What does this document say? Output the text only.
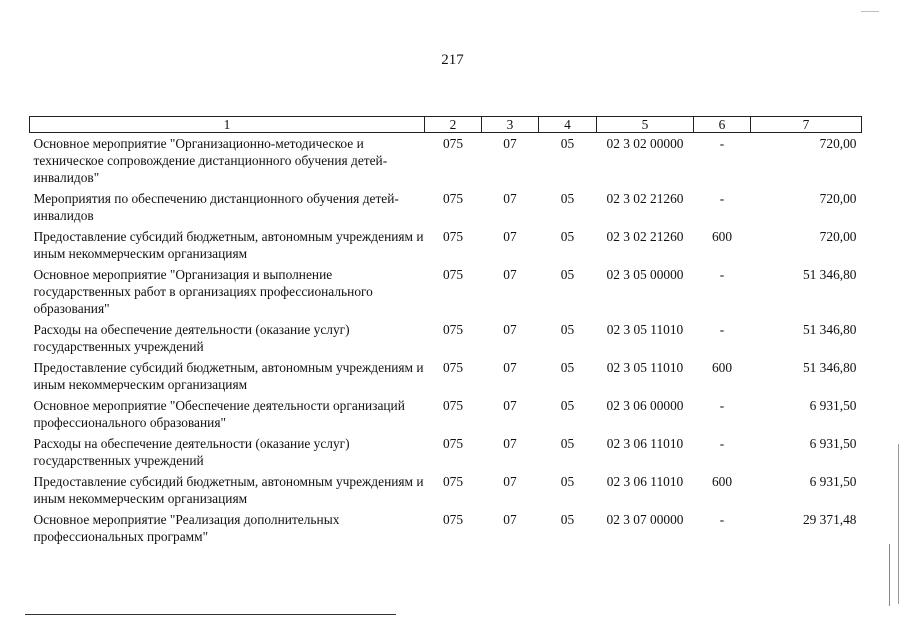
217
1	2	3	4	5	6	7
Основное мероприятие "Организационно-методическое и техническое сопровождение дистанционного обучения детей-инвалидов"	075	07	05	02 3 02 00000	-	720,00
Мероприятия по обеспечению дистанционного обучения детей-инвалидов	075	07	05	02 3 02 21260	-	720,00
Предоставление субсидий бюджетным, автономным учреждениям и иным некоммерческим организациям	075	07	05	02 3 02 21260	600	720,00
Основное мероприятие "Организация и выполнение государственных работ в организациях профессионального образования"	075	07	05	02 3 05 00000	-	51 346,80
Расходы на обеспечение деятельности (оказание услуг) государственных учреждений	075	07	05	02 3 05 11010	-	51 346,80
Предоставление субсидий бюджетным, автономным учреждениям и иным некоммерческим организациям	075	07	05	02 3 05 11010	600	51 346,80
Основное мероприятие "Обеспечение деятельности организаций профессионального образования"	075	07	05	02 3 06 00000	-	6 931,50
Расходы на обеспечение деятельности (оказание услуг) государственных учреждений	075	07	05	02 3 06 11010	-	6 931,50
Предоставление субсидий бюджетным, автономным учреждениям и иным некоммерческим организациям	075	07	05	02 3 06 11010	600	6 931,50
Основное мероприятие "Реализация дополнительных профессиональных программ"	075	07	05	02 3 07 00000	-	29 371,48
